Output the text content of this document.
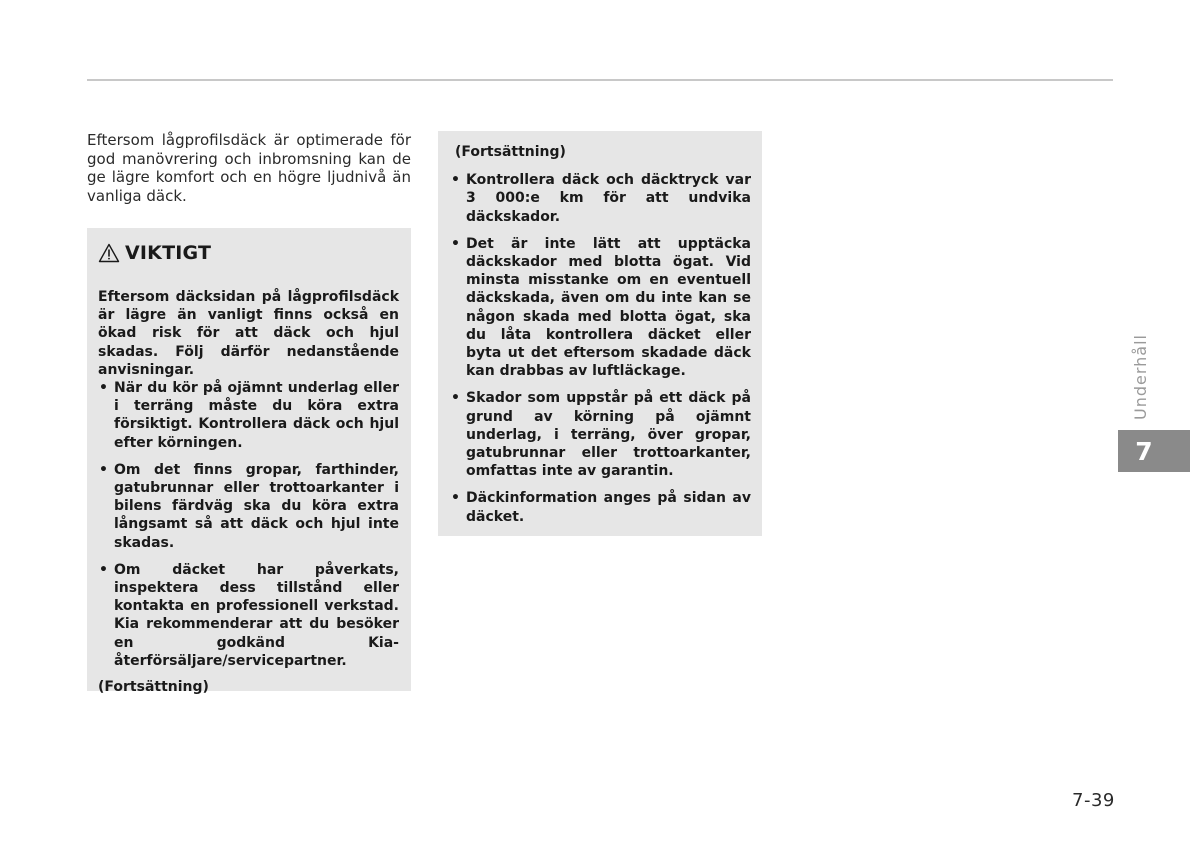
Eftersom lågprofilsdäck är optimerade för god manövrering och inbromsning kan de ge lägre komfort och en högre ljudnivå än vanliga däck.

VIKTIGT

Eftersom däcksidan på lågprofilsdäck är lägre än vanligt finns också en ökad risk för att däck och hjul skadas. Följ därför nedanstående anvisningar.

• När du kör på ojämnt underlag eller i terräng måste du köra extra försiktigt. Kontrollera däck och hjul efter körningen.
• Om det finns gropar, farthinder, gatubrunnar eller trottoarkanter i bilens färdväg ska du köra extra långsamt så att däck och hjul inte skadas.
• Om däcket har påverkats, inspektera dess tillstånd eller kontakta en professionell verkstad. Kia rekommenderar att du besöker en godkänd Kia-återförsäljare/servicepartner.

(Fortsättning)

(Fortsättning)

• Kontrollera däck och däcktryck var 3 000:e km för att undvika däckskador.
• Det är inte lätt att upptäcka däckskador med blotta ögat. Vid minsta misstanke om en eventuell däckskada, även om du inte kan se någon skada med blotta ögat, ska du låta kontrollera däcket eller byta ut det eftersom skadade däck kan drabbas av luftläckage.
• Skador som uppstår på ett däck på grund av körning på ojämnt underlag, i terräng, över gropar, gatubrunnar eller trottoarkanter, omfattas inte av garantin.
• Däckinformation anges på sidan av däcket.
Underhåll
7
7-39
